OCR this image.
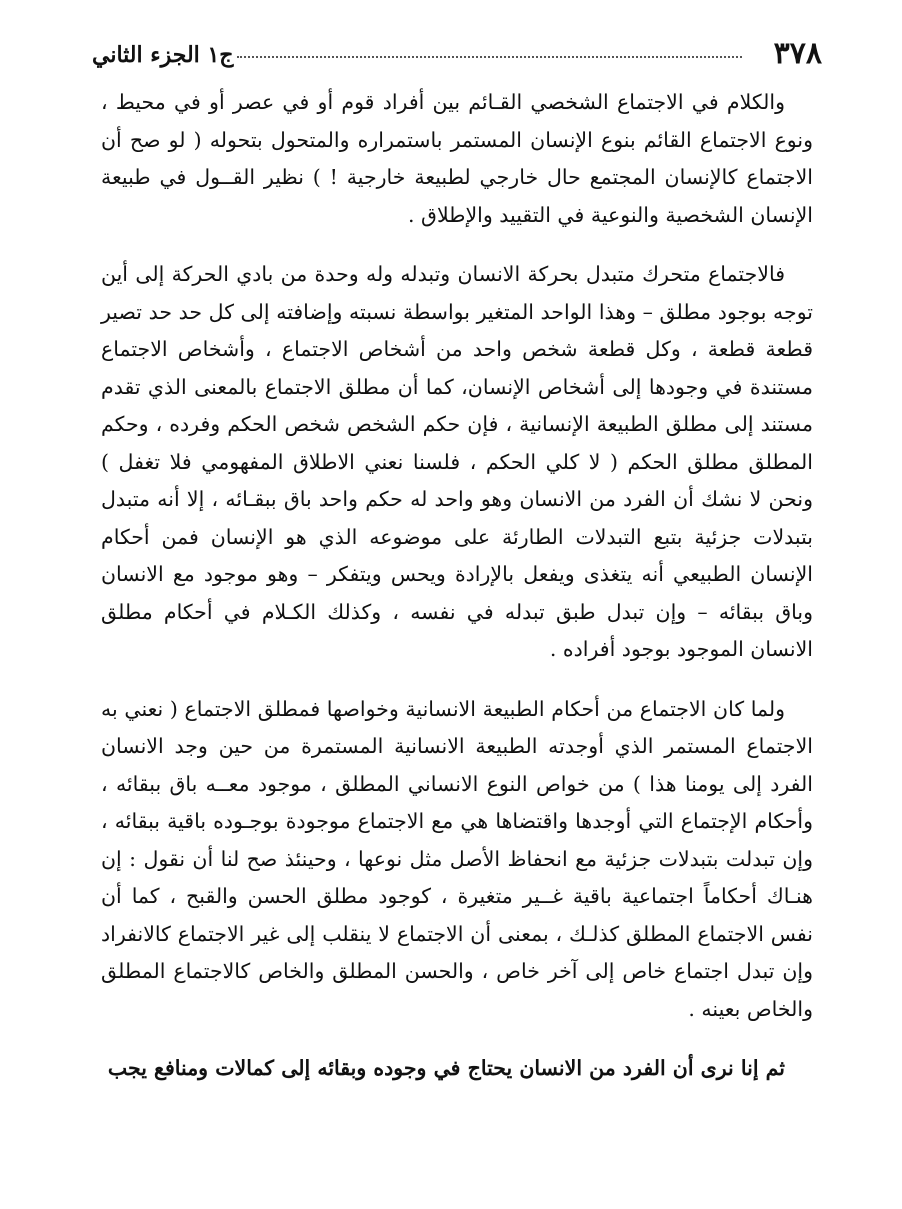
٣٧٨
ج١ الجزء الثاني

والكلام في الاجتماع الشخصي القـائم بين أفراد قوم أو في عصر أو في محيط ، ونوع الاجتماع القائم بنوع الإنسان المستمر باستمراره والمتحول بتحوله ( لو صح أن الاجتماع كالإنسان المجتمع حال خارجي لطبيعة خارجية ! ) نظير القــول في طبيعة الإنسان الشخصية والنوعية في التقييد والإطلاق .

فالاجتماع متحرك متبدل بحركة الانسان وتبدله وله وحدة من بادي الحركة إلى أين توجه بوجود مطلق – وهذا الواحد المتغير بواسطة نسبته وإضافته إلى كل حد حد تصير قطعة قطعة ، وكل قطعة شخص واحد من أشخاص الاجتماع ، وأشخاص الاجتماع مستندة في وجودها إلى أشخاص الإنسان، كما أن مطلق الاجتماع بالمعنى الذي تقدم مستند إلى مطلق الطبيعة الإنسانية ، فإن حكم الشخص شخص الحكم وفرده ، وحكم المطلق مطلق الحكم ( لا كلي الحكم ، فلسنا نعني الاطلاق المفهومي فلا تغفل ) ونحن لا نشك أن الفرد من الانسان وهو واحد له حكم واحد باق ببقـائه ، إلا أنه متبدل بتبدلات جزئية بتبع التبدلات الطارئة على موضوعه الذي هو الإنسان فمن أحكام الإنسان الطبيعي أنه يتغذى ويفعل بالإرادة ويحس ويتفكر – وهو موجود مع الانسان وباق ببقائه – وإن تبدل طبق تبدله في نفسه ، وكذلك الكـلام في أحكام مطلق الانسان الموجود بوجود أفراده .

ولما كان الاجتماع من أحكام الطبيعة الانسانية وخواصها فمطلق الاجتماع ( نعني به الاجتماع المستمر الذي أوجدته الطبيعة الانسانية المستمرة من حين وجد الانسان الفرد إلى يومنا هذا ) من خواص النوع الانساني المطلق ، موجود معــه باق ببقائه ، وأحكام الإجتماع التي أوجدها واقتضاها هي مع الاجتماع موجودة بوجـوده باقية ببقائه ، وإن تبدلت بتبدلات جزئية مع انحفاظ الأصل مثل نوعها ، وحينئذ صح لنا أن نقول : إن هنـاك أحكاماً اجتماعية باقية غــير متغيرة ، كوجود مطلق الحسن والقبح ، كما أن نفس الاجتماع المطلق كذلـك ، بمعنى أن الاجتماع لا ينقلب إلى غير الاجتماع كالانفراد وإن تبدل اجتماع خاص إلى آخر خاص ، والحسن المطلق والخاص كالاجتماع المطلق والخاص بعينه .

ثم إنا نرى أن الفرد من الانسان يحتاج في وجوده وبقائه إلى كمالات ومنافع يجب
